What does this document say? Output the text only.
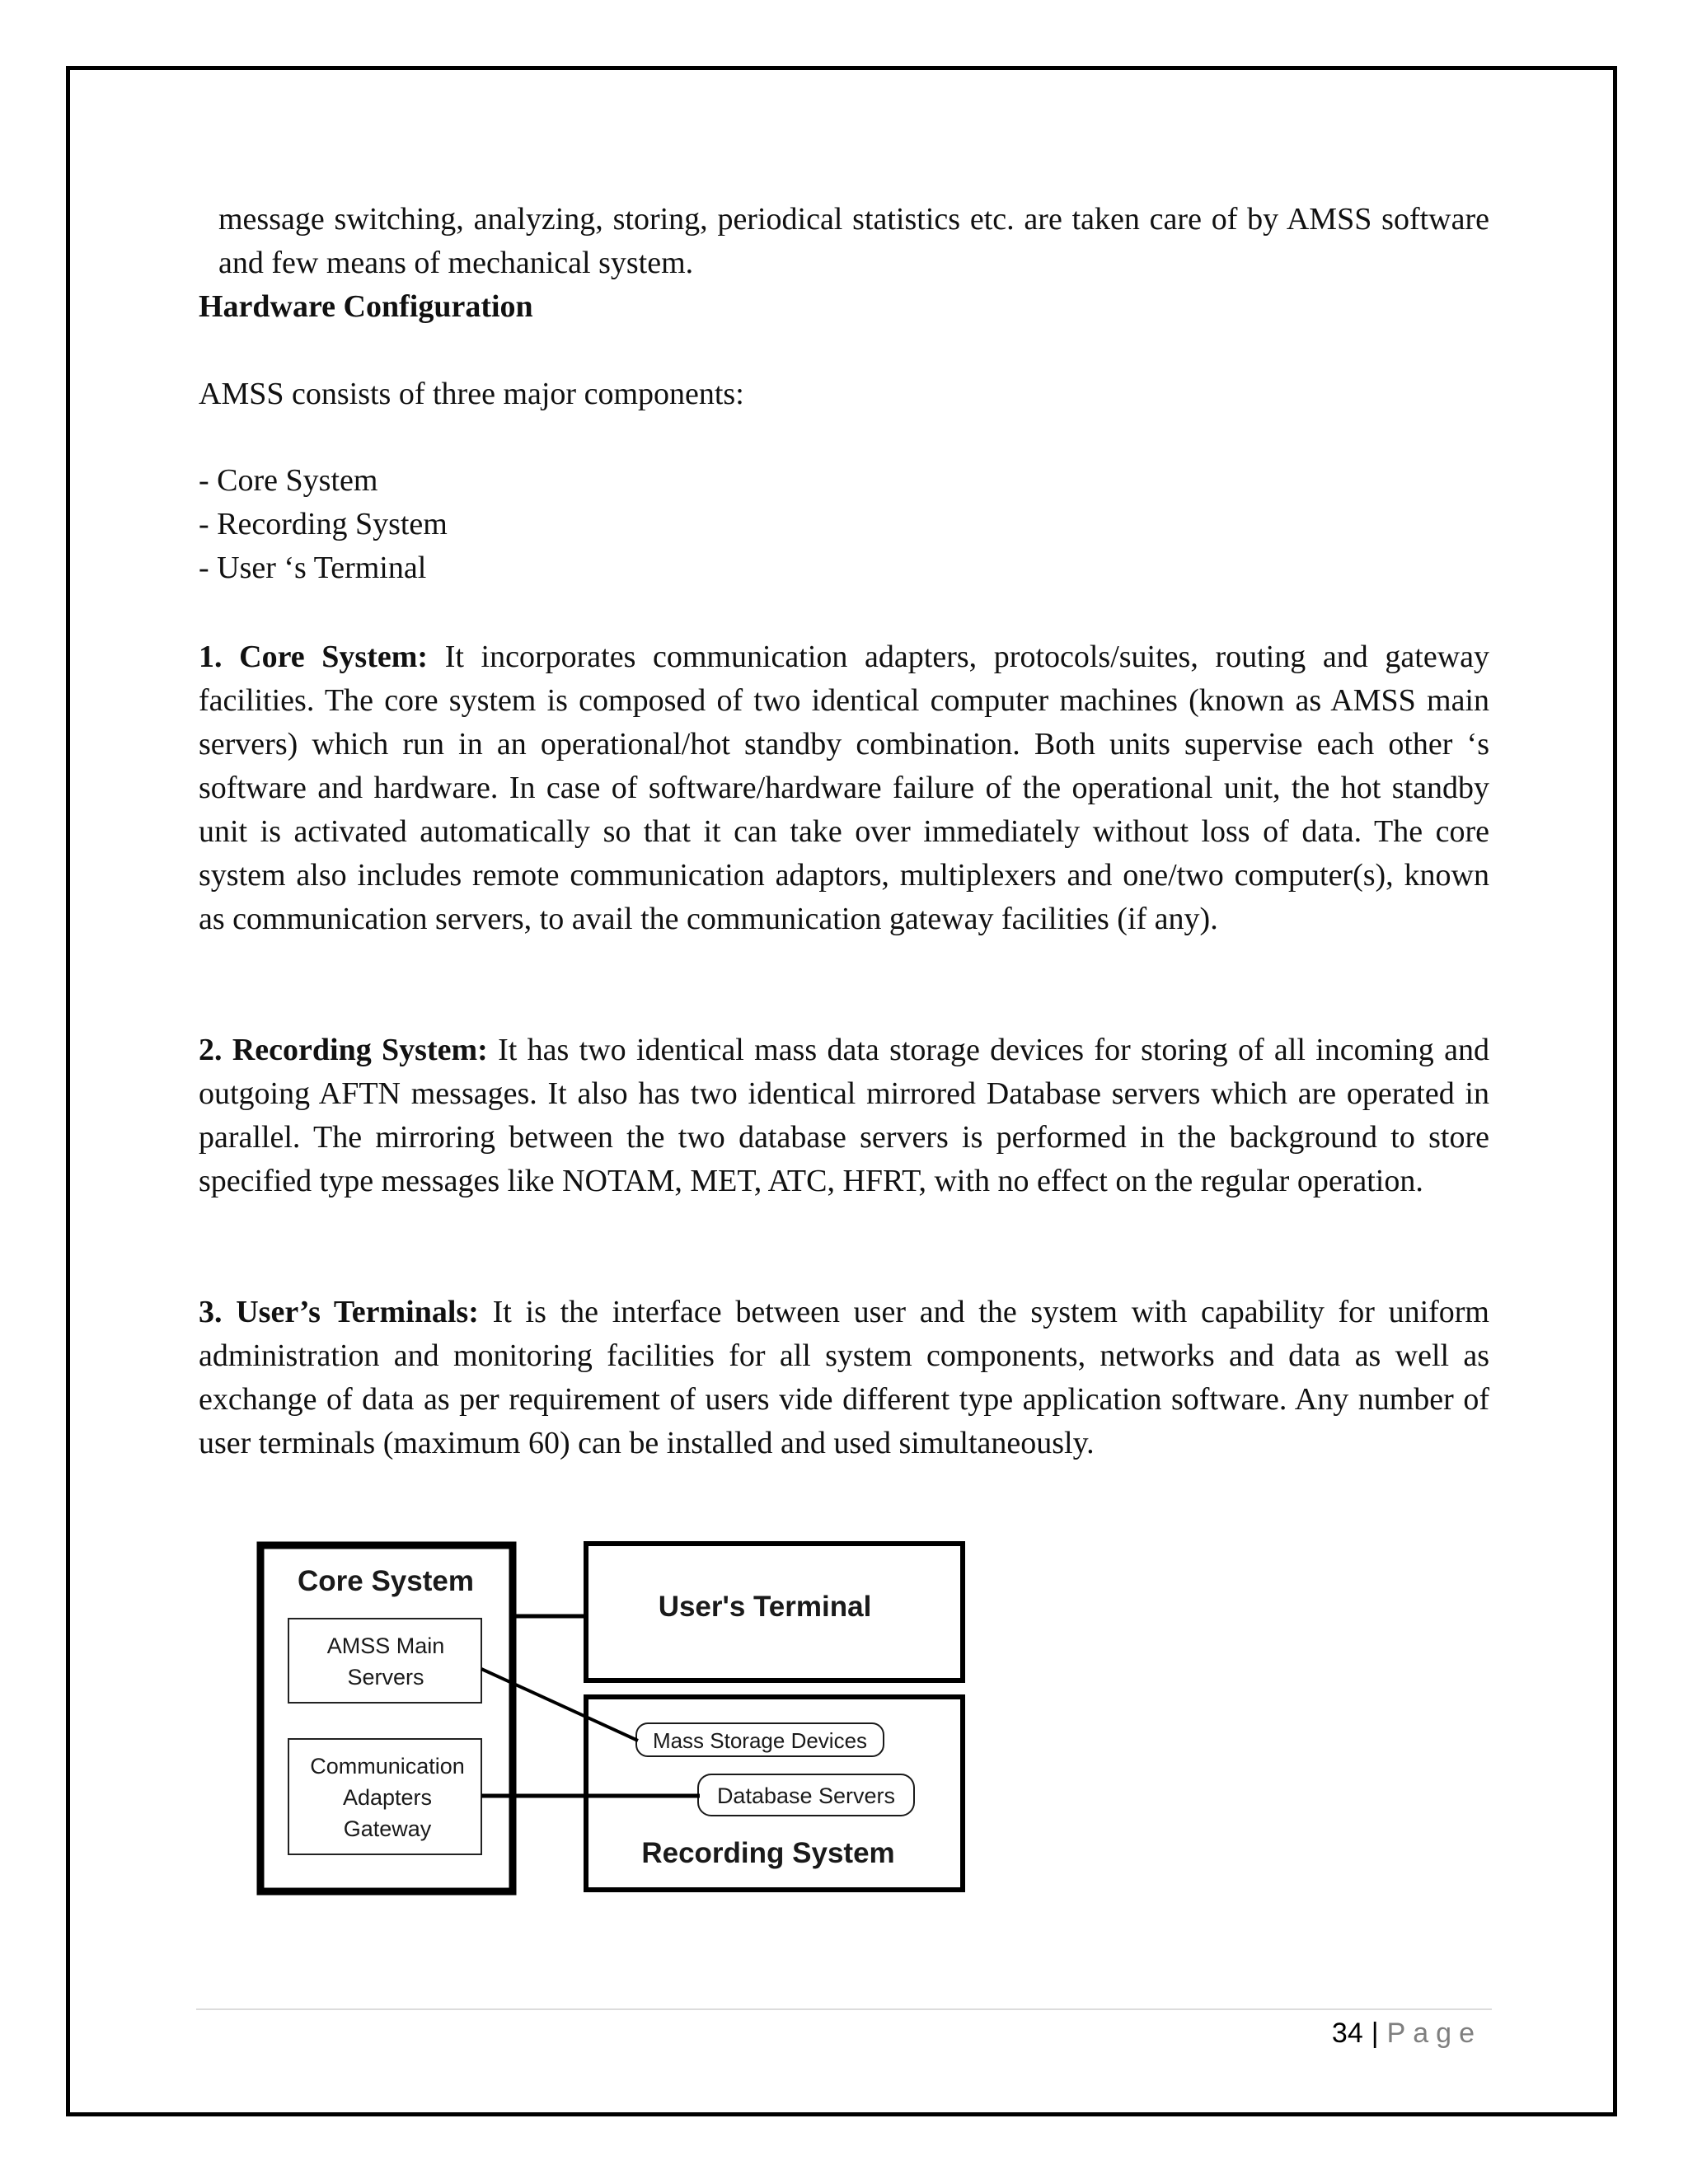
message switching, analyzing, storing, periodical statistics etc. are taken care of by AMSS software and few means of mechanical system.

Hardware Configuration

AMSS consists of three major components:

- Core System

- Recording System

- User ‘s Terminal

1. Core System: It incorporates communication adapters, protocols/suites, routing and gateway facilities. The core system is composed of two identical computer machines (known as AMSS main servers) which run in an operational/hot standby combination. Both units supervise each other ‘s software and hardware. In case of software/hardware failure of the operational unit, the hot standby unit is activated automatically so that it can take over immediately without loss of data. The core system also includes remote communication adaptors, multiplexers and one/two computer(s), known as communication servers, to avail the communication gateway facilities (if any).

2. Recording System: It has two identical mass data storage devices for storing of all incoming and outgoing AFTN messages. It also has two identical mirrored Database servers which are operated in parallel. The mirroring between the two database servers is performed in the background to store specified type messages like NOTAM, MET, ATC, HFRT, with no effect on the regular operation.

3. User’s Terminals: It is the interface between user and the system with capability for uniform administration and monitoring facilities for all system components, networks and data as well as exchange of data as per requirement of users vide different type application software. Any number of user terminals (maximum 60) can be installed and used simultaneously.

Core System
AMSS Main
Servers
Communication
Adapters
Gateway
User's Terminal
Recording System
Mass Storage Devices
Database Servers
34 | Page
